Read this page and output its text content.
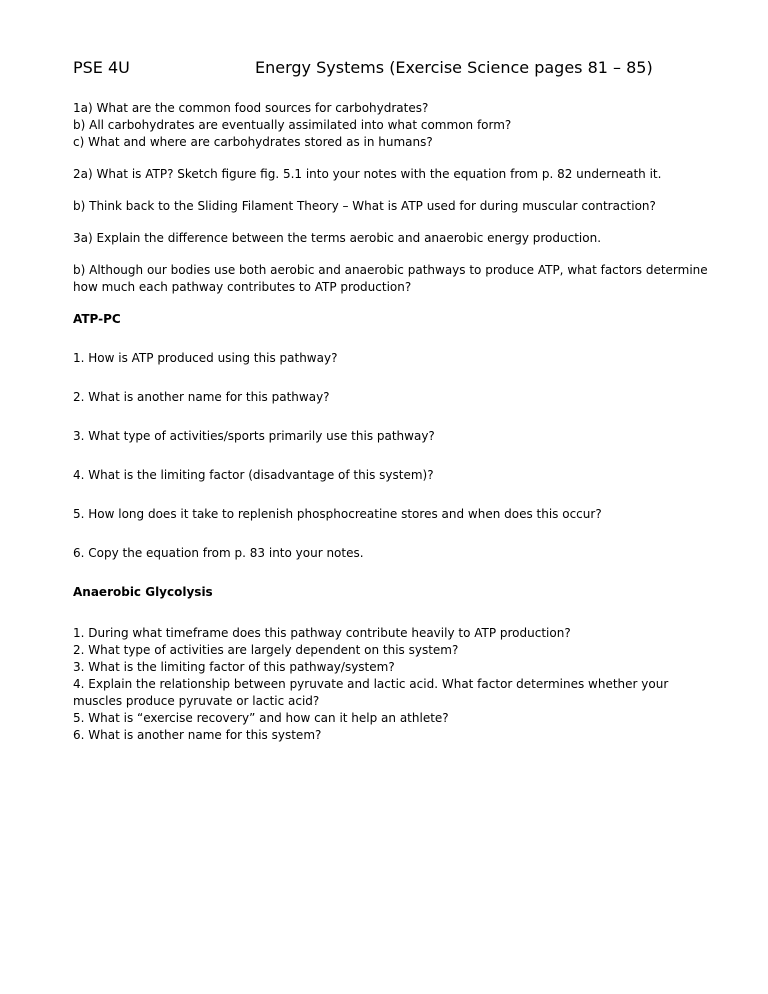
PSE 4U	Energy Systems (Exercise Science pages 81 – 85)
1a) What are the common food sources for carbohydrates?
b) All carbohydrates are eventually assimilated into what common form?
c) What and where are carbohydrates stored as in humans?
2a) What is ATP? Sketch figure fig. 5.1 into your notes with the equation from p. 82 underneath it.
b) Think back to the Sliding Filament Theory – What is ATP used for during muscular contraction?
3a) Explain the difference between the terms aerobic and anaerobic energy production.
b) Although our bodies use both aerobic and anaerobic pathways to produce ATP, what factors determine how much each pathway contributes to ATP production?
ATP-PC
1. How is ATP produced using this pathway?
2. What is another name for this pathway?
3. What type of activities/sports primarily use this pathway?
4. What is the limiting factor (disadvantage of this system)?
5. How long does it take to replenish phosphocreatine stores and when does this occur?
6. Copy the equation from p. 83 into your notes.
Anaerobic Glycolysis
1. During what timeframe does this pathway contribute heavily to ATP production?
2. What type of activities are largely dependent on this system?
3. What is the limiting factor of this pathway/system?
4. Explain the relationship between pyruvate and lactic acid. What factor determines whether your muscles produce pyruvate or lactic acid?
5. What is “exercise recovery” and how can it help an athlete?
6. What is another name for this system?
